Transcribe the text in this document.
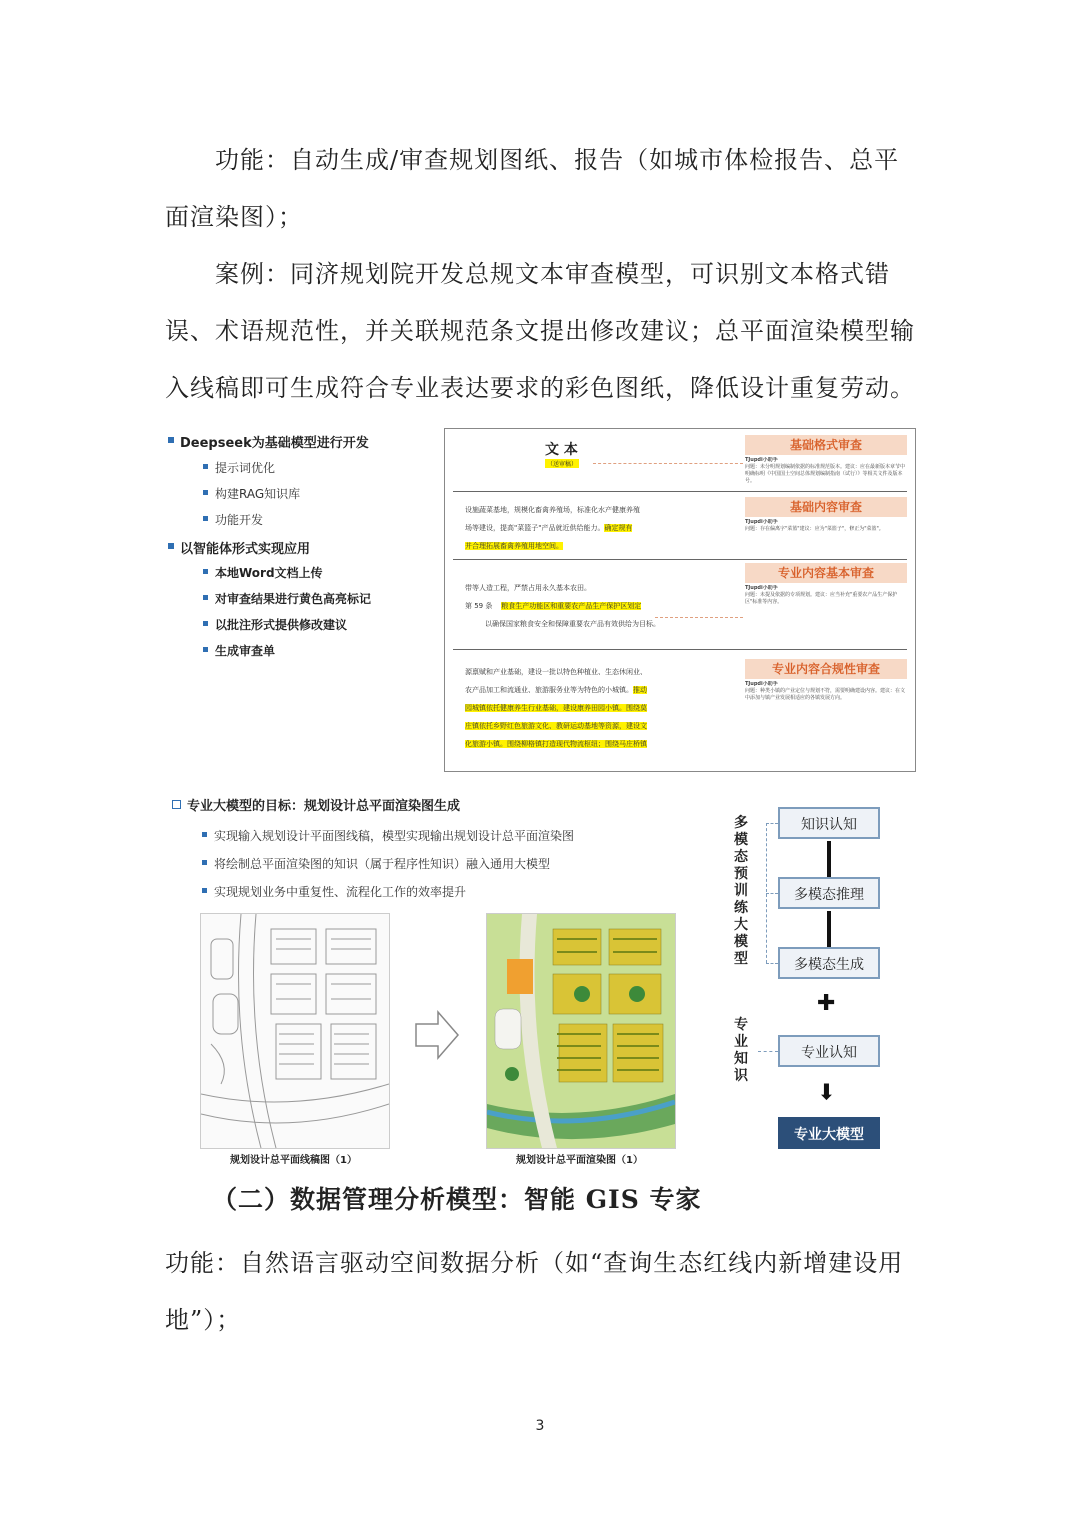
功能：自动生成/审查规划图纸、报告（如城市体检报告、总平面渲染图）；

案例：同济规划院开发总规文本审查模型，可识别文本格式错误、术语规范性，并关联规范条文提出修改建议；总平面渲染模型输入线稿即可生成符合专业表达要求的彩色图纸，降低设计重复劳动。

Deepseek为基础模型进行开发
提示词优化
构建RAG知识库
功能开发
以智能体形式实现应用
本地Word文档上传
对审查结果进行黄色高亮标记
以批注形式提供修改建议
生成审查单
文 本
（送审稿）
基础格式审查
TJupdi小助手
问题：未分明规划编制依据的标准规范版本。建议：应在最新版本章节中明确标明《中国国土空间总体规划编制指南（试行）》等相关文件及版本号。
基础内容审查
TJupdi小助手
问题：存在偏离字"菜篮"建议：应为"菜篮子"，修正为"菜篮"。
设施蔬菜基地，规模化畜禽养殖场，标准化水产健康养殖
场等建设，提高"菜篮子"产品就近供给能力。确定规有
并合理拓展畜禽养殖用地空间。
专业内容基本审查
TJupdi小助手
问题：未提及依据的专项规划。建议：应当补充"重要农产品生产保护区"标准等内容。
带等人造工程，严禁占用永久基本农田。
第 59 条 粮食生产功能区和重要农产品生产保护区划定
以确保国家粮食安全和保障重要农产品有效供给为目标。
专业内容合规性审查
TJupdi小助手
问题：种类小镇的产业定位与规划不符，需要明确建设内容。建议：在文中添加与镇产业发展相适应的各镇发展方向。
源禀赋和产业基础，建设一批以特色种植业、生态休闲业、
农产品加工和流通业、旅游服务业等为特色的小城镇。推动
园城镇依托健康养生行业基础，建设康养田园小镇。围绕莫
庄镇依托乡野红色旅游文化、教研运动基地等资源，建设文
化旅游小镇。围绕柳格镇打造现代物流枢纽；围绕马庄桥镇
专业大模型的目标：规划设计总平面渲染图生成
实现输入规划设计平面图线稿，模型实现输出规划设计总平面渲染图
将绘制总平面渲染图的知识（属于程序性知识）融入通用大模型
实现规划业务中重复性、流程化工作的效率提升
规划设计总平面线稿图（1）	规划设计总平面渲染图（1）
多模态预训练大模型
专业知识
知识认知
多模态推理
多模态生成
✚
专业认知
➡
专业大模型

（二）数据管理分析模型：智能 GIS 专家

功能：自然语言驱动空间数据分析（如“查询生态红线内新增建设用地”）；

3
